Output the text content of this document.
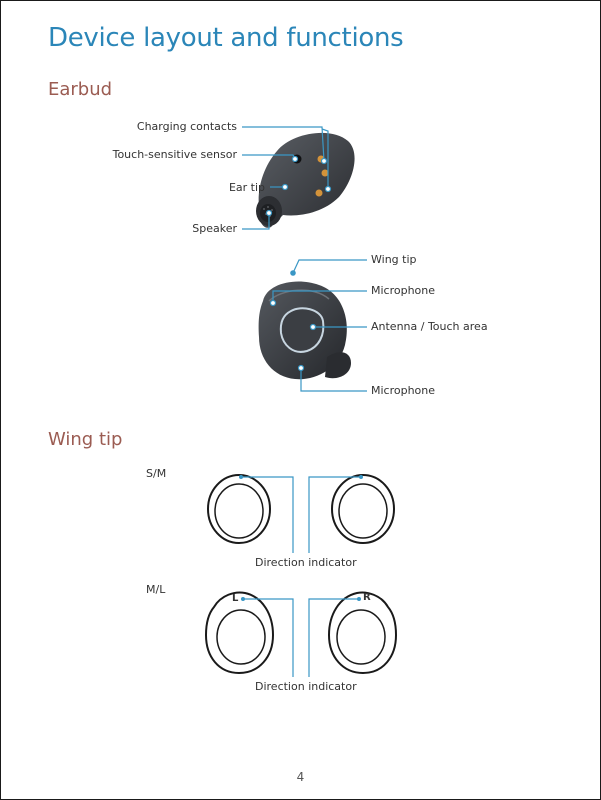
Device layout and functions
Earbud
Wing tip
Charging contacts
Touch-sensitive sensor
Ear tip
Speaker
Wing tip
Microphone
Antenna / Touch area
Microphone
S/M
M/L
Direction indicator
Direction indicator
L	R
4
